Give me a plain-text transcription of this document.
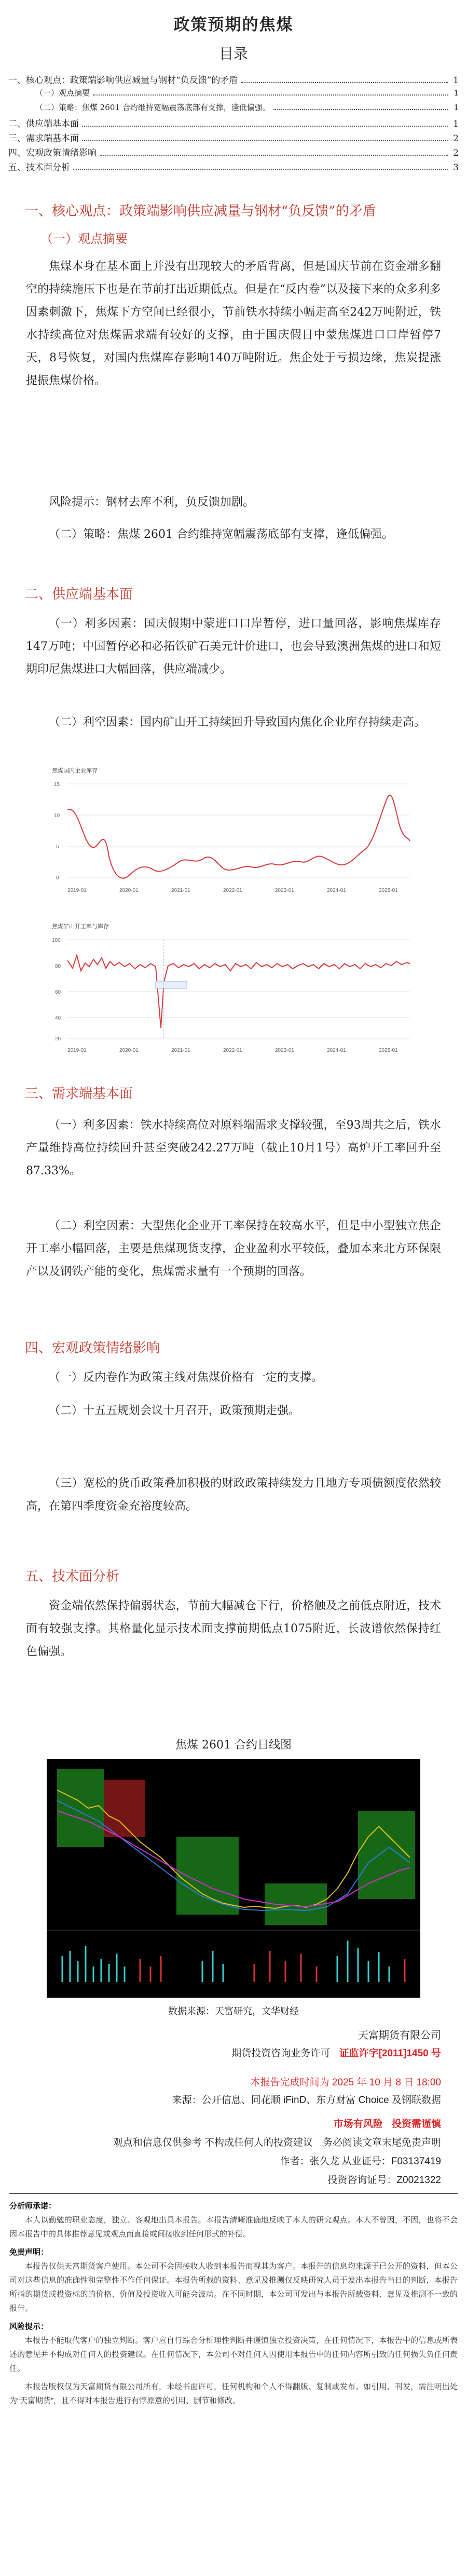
政策预期的焦煤
目录
一、核心观点：政策端影响供应减量与钢材“负反馈”的矛盾	1
（一）观点摘要	1
（二）策略：焦煤 2601 合约维持宽幅震荡底部有支撑，逢低偏强。	1
二、供应端基本面	1
三、需求端基本面	2
四、宏观政策情绪影响	2
五、技术面分析	3
一、核心观点：政策端影响供应减量与钢材“负反馈”的矛盾
（一）观点摘要
焦煤本身在基本面上并没有出现较大的矛盾背离，但是国庆节前在资金端多翻空的持续施压下也是在节前打出近期低点。但是在“反内卷”以及接下来的众多利多因素刺激下，焦煤下方空间已经很小，节前铁水持续小幅走高至242万吨附近，铁水持续高位对焦煤需求端有较好的支撑，由于国庆假日中蒙焦煤进口口岸暂停7天，8号恢复，对国内焦煤库存影响140万吨附近。焦企处于亏损边缘，焦炭提涨提振焦煤价格。
风险提示：钢材去库不利，负反馈加剧。
（二）策略：焦煤 2601 合约维持宽幅震荡底部有支撑，逢低偏强。
二、供应端基本面
（一）利多因素：国庆假期中蒙进口口岸暂停，进口量回落，影响焦煤库存147万吨；中国暂停必和必拓铁矿石美元计价进口，也会导致澳洲焦煤的进口和短期印尼焦煤进口大幅回落，供应端减少。
（二）利空因素：国内矿山开工持续回升导致国内焦化企业库存持续走高。
焦煤国内企业库存
15
10
5
0
2019-01	2020-01	2021-01	2022-01	2023-01	2024-01	2025-01
焦煤矿山开工率与库存
100
80
60
40
20
2019-01	2020-01	2021-01	2022-01	2023-01	2024-01	2025-01
三、需求端基本面
（一）利多因素：铁水持续高位对原料端需求支撑较强，至93周共之后，铁水产量维持高位持续回升甚至突破242.27万吨（截止10月1号）高炉开工率回升至87.33%。
（二）利空因素：大型焦化企业开工率保持在较高水平，但是中小型独立焦企开工率小幅回落，主要是焦煤现货支撑，企业盈利水平较低，叠加本来北方环保限产以及钢铁产能的变化，焦煤需求量有一个预期的回落。
四、宏观政策情绪影响
（一）反内卷作为政策主线对焦煤价格有一定的支撑。
（二）十五五规划会议十月召开，政策预期走强。
（三）宽松的货币政策叠加积极的财政政策持续发力且地方专项债额度依然较高，在第四季度资金充裕度较高。
五、技术面分析
资金端依然保持偏弱状态，节前大幅减仓下行，价格触及之前低点附近，技术面有较强支撑。其格量化显示技术面支撑前期低点1075附近，长波谱依然保持红色偏强。
焦煤 2601 合约日线图
数据来源：天富研究，文华财经
天富期货有限公司
期货投资咨询业务许可 证监许字[2011]1450 号
本报告完成时间为 2025 年 10 月 8 日 18:00
来源：公开信息、同花顺 iFinD、东方财富 Choice 及钢联数据
市场有风险 投资需谨慎
观点和信息仅供参考 不构成任何人的投资建议　务必阅读文章末尾免责声明
作者：张久龙 从业证号：F03137419
投资咨询证号：Z0021322
分析师承诺：

本人以勤勉的职业态度，独立、客观地出具本报告。本报告清晰准确地反映了本人的研究观点。本人不曾因，不因，也将不会因本报告中的具体推荐意见或观点而直接或间接收到任何形式的补偿。

免责声明：

本报告仅供天富期货客户使用。本公司不会因接收人收到本报告而视其为客户。本报告的信息均来源于已公开的资料，但本公司对这些信息的准确性和完整性不作任何保证。本报告所载的资料、意见及推测仅反映研究人员于发出本报告当日的判断，本报告所指的期货或投资标的的价格、价值及投资收入可能会波动。在不同时期，本公司可发出与本报告所载资料、意见及推测不一致的报告。

风险提示：

本报告不能取代客户的独立判断。客户应自行综合分析理性判断并谨慎独立投资决策，在任何情况下，本报告中的信息或所表述的意见并不构成对任何人的投资建议。在任何情况下，本公司不对任何人因使用本报告中的任何内容所引致的任何损失负任何责任。

本报告版权仅为天富期货有限公司所有，未经书面许可，任何机构和个人不得翻版、复制或发布。如引用、刊发，需注明出处为“天富期货”，且不得对本报告进行有悖原意的引用、删节和修改。
